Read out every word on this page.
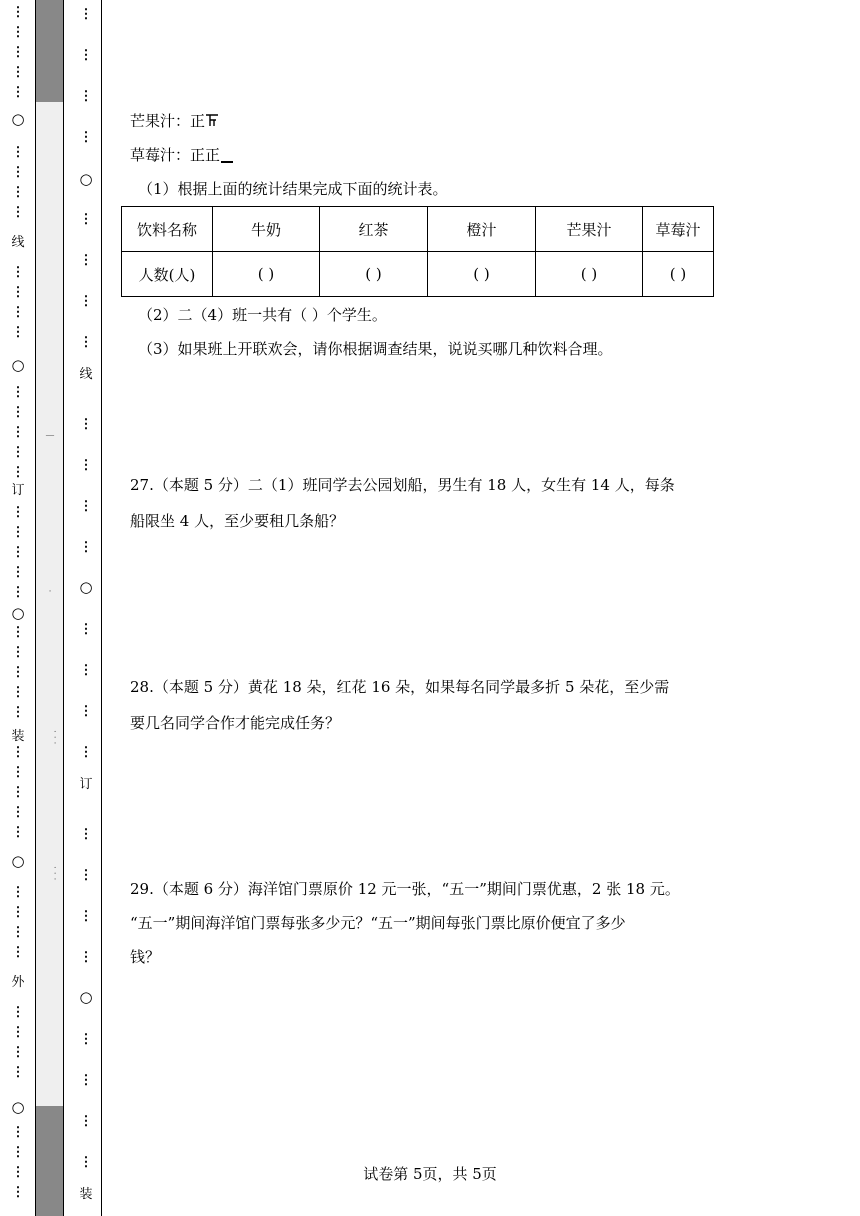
⋮
⋮
⋮
⋮
⋮
⋮
⋮
⋮
⋮
⋮
⋮
⋮
⋮
⋮
⋮
⋮
⋮
⋮
⋮
⋮
⋮
⋮
⋮
⋮
⋮
⋮
⋮
⋮
⋮
⋮
⋮
⋮
⋮
⋮
⋮
⋮
⋮
⋮
⋮
⋮
⋮
⋮
⋮
⋮
⋮
○
○
○
○
○
线
订
装
外
⋮
⋮
⋮
⋮
⋮
⋮
⋮
⋮
⋮
⋮
⋮
⋮
⋮
⋮
⋮
⋮
⋮
⋮
⋮
⋮
⋮
⋮
⋮
⋮
○
○
○
线
订
装
—
·
· · ·
· · ·
芒果汁：正
草莓汁：正正
（1）根据上面的统计结果完成下面的统计表。
（2）二（4）班一共有（ ）个学生。
（3）如果班上开联欢会，请你根据调查结果，说说买哪几种饮料合理。
27.（本题 5 分）二（1）班同学去公园划船，男生有 18 人，女生有 14 人，每条
船限坐 4 人，至少要租几条船？
28.（本题 5 分）黄花 18 朵，红花 16 朵，如果每名同学最多折 5 朵花，至少需
要几名同学合作才能完成任务？
29.（本题 6 分）海洋馆门票原价 12 元一张，“五一”期间门票优惠，2 张 18 元。
“五一”期间海洋馆门票每张多少元？“五一”期间每张门票比原价便宜了多少
钱？
饮料名称	牛奶	红茶	橙汁	芒果汁	草莓汁
人数(人)	( )	( )	( )	( )	( )
试卷第 5页，共 5页
